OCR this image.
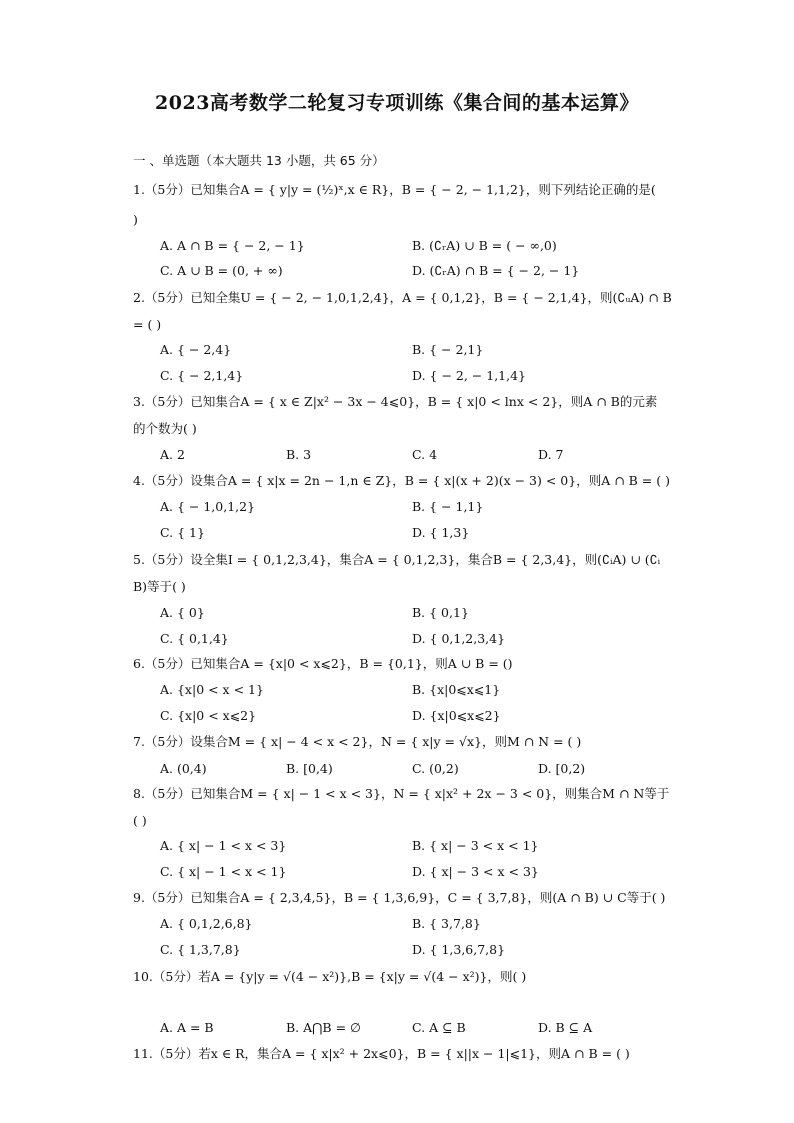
2023高考数学二轮复习专项训练《集合间的基本运算》
一 、单选题（本大题共 13 小题，共 65 分）
1.（5分）已知集合A = { y|y = (½)ˣ,x ∈ R}，B = { − 2, − 1,1,2}，则下列结论正确的是(
)
A. A ∩ B = { − 2, − 1}	B. (∁ᵣA) ∪ B = ( − ∞,0)
C. A ∪ B = (0, + ∞)	D. (∁ᵣA) ∩ B = { − 2, − 1}
2.（5分）已知全集U = { − 2, − 1,0,1,2,4}，A = { 0,1,2}，B = { − 2,1,4}，则(∁ᵤA) ∩ B
= ( )
A. { − 2,4}	B. { − 2,1}
C. { − 2,1,4}	D. { − 2, − 1,1,4}
3.（5分）已知集合A = { x ∈ Z|x² − 3x − 4⩽0}，B = { x|0 < lnx < 2}，则A ∩ B的元素
的个数为( )
A. 2	B. 3	C. 4	D. 7
4.（5分）设集合A = { x|x = 2n − 1,n ∈ Z}，B = { x|(x + 2)(x − 3) < 0}，则A ∩ B = ( )
A. { − 1,0,1,2}	B. { − 1,1}
C. { 1}	D. { 1,3}
5.（5分）设全集I = { 0,1,2,3,4}，集合A = { 0,1,2,3}，集合B = { 2,3,4}，则(∁ᵢA) ∪ (∁ᵢ
B)等于( )
A. { 0}	B. { 0,1}
C. { 0,1,4}	D. { 0,1,2,3,4}
6.（5分）已知集合A = {x|0 < x⩽2}，B = {0,1}，则A ∪ B = ()
A. {x|0 < x < 1}	B. {x|0⩽x⩽1}
C. {x|0 < x⩽2}	D. {x|0⩽x⩽2}
7.（5分）设集合M = { x| − 4 < x < 2}，N = { x|y = √x}，则M ∩ N = ( )
A. (0,4)	B. [0,4)	C. (0,2)	D. [0,2)
8.（5分）已知集合M = { x| − 1 < x < 3}，N = { x|x² + 2x − 3 < 0}，则集合M ∩ N等于
( )
A. { x| − 1 < x < 3}	B. { x| − 3 < x < 1}
C. { x| − 1 < x < 1}	D. { x| − 3 < x < 3}
9.（5分）已知集合A = { 2,3,4,5}，B = { 1,3,6,9}，C = { 3,7,8}，则(A ∩ B) ∪ C等于( )
A. { 0,1,2,6,8}	B. { 3,7,8}
C. { 1,3,7,8}	D. { 1,3,6,7,8}
10.（5分）若A = {y|y = √(4 − x²)},B = {x|y = √(4 − x²)}，则( )
A. A = B	B. A⋂B = ∅	C. A ⊆ B	D. B ⊆ A
11.（5分）若x ∈ R，集合A = { x|x² + 2x⩽0}，B = { x||x − 1|⩽1}，则A ∩ B = ( )
